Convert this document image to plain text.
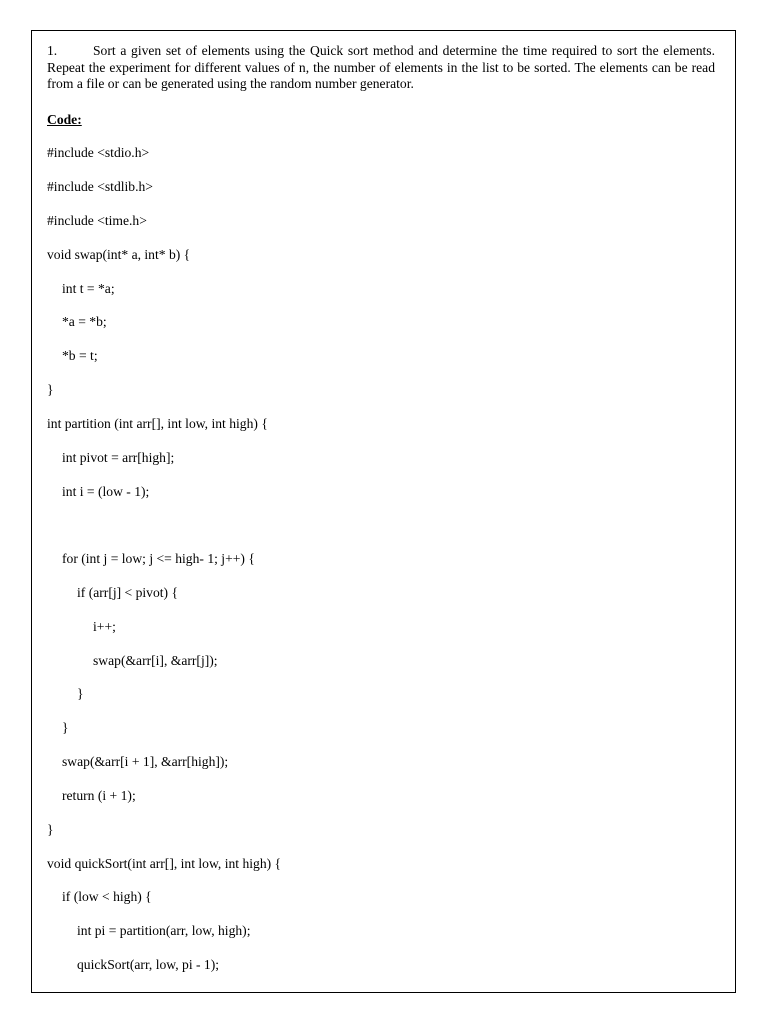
1.	Sort a given set of elements using the Quick sort method and determine the time required to sort the elements. Repeat the experiment for different values of n, the number of elements in the list to be sorted. The elements can be read from a file or can be generated using the random number generator.
Code:
#include <stdio.h>
#include <stdlib.h>
#include <time.h>
void swap(int* a, int* b) {
int t = *a;
*a = *b;
*b = t;
}
int partition (int arr[], int low, int high) {
int pivot = arr[high];
int i = (low - 1);
for (int j = low; j <= high- 1; j++) {
if (arr[j] < pivot) {
i++;
swap(&arr[i], &arr[j]);
}
}
swap(&arr[i + 1], &arr[high]);
return (i + 1);
}
void quickSort(int arr[], int low, int high) {
if (low < high) {
int pi = partition(arr, low, high);
quickSort(arr, low, pi - 1);
